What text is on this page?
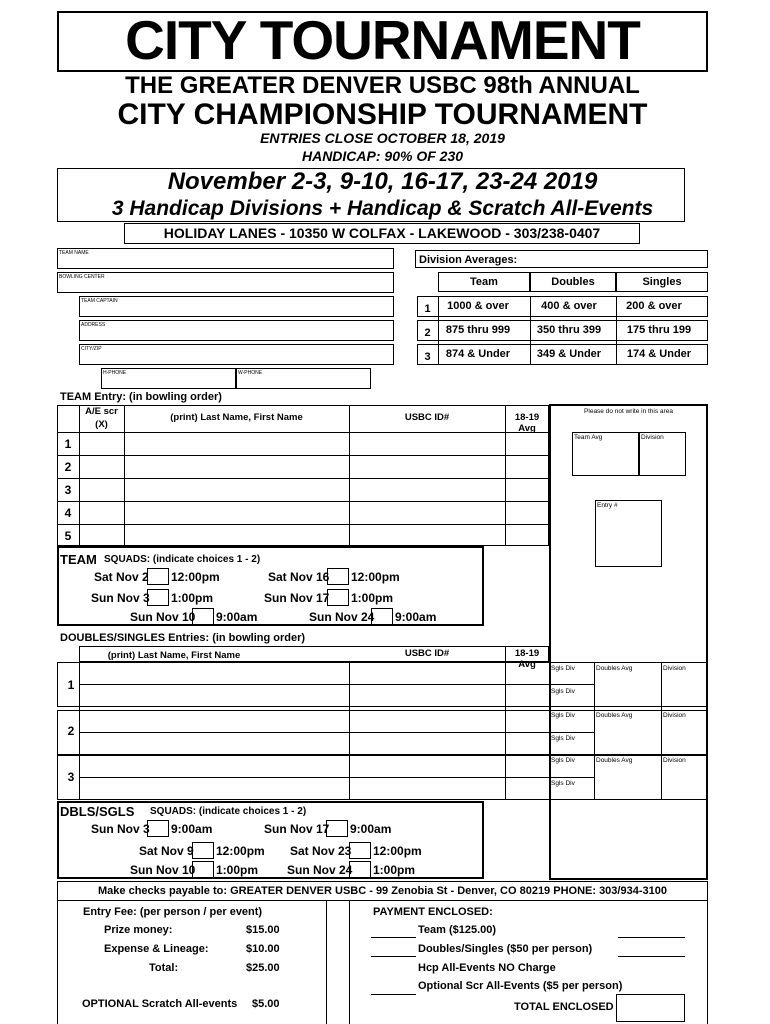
CITY TOURNAMENT
THE GREATER DENVER USBC 98th ANNUAL
CITY CHAMPIONSHIP TOURNAMENT
ENTRIES CLOSE OCTOBER 18, 2019
HANDICAP: 90% OF 230
November 2-3, 9-10, 16-17, 23-24 2019
3 Handicap Divisions + Handicap & Scratch All-Events
HOLIDAY LANES - 10350 W COLFAX - LAKEWOOD - 303/238-0407
TEAM NAME
BOWLING CENTER
TEAM CAPTAIN
ADDRESS
CITY/ZIP
H-PHONE	W-PHONE
Division Averages:
Team	Doubles	Singles
1	1000 & over	400 & over	200 & over
2	875 thru 999	350 thru 399	175 thru 199
3	874 & Under	349 & Under	174 & Under
TEAM Entry: (in bowling order)
A/E scr
(X)
(print) Last Name, First Name	USBC ID#	18-19 Avg
1
2
3
4
5
Please do not write in this area
Team Avg	Division
Entry #
TEAM SQUADS: (indicate choices 1 - 2)
Sat Nov 2 12:00pm	Sat Nov 16 12:00pm
Sun Nov 3 1:00pm	Sun Nov 17 1:00pm
Sun Nov 10 9:00am	Sun Nov 24 9:00am
DOUBLES/SINGLES Entries: (in bowling order)
(print) Last Name, First Name	USBC ID#	18-19 Avg
1
2
3
Sgls Div
Sgls Div
Doubles Avg	Division
Sgls Div
Sgls Div
Doubles Avg	Division
Sgls Div
Sgls Div
Doubles Avg	Division
DBLS/SGLS SQUADS: (indicate choices 1 - 2)
Sun Nov 3 9:00am	Sun Nov 17 9:00am
Sat Nov 9 12:00pm Sat Nov 23 12:00pm
Sun Nov 10 1:00pm Sun Nov 24 1:00pm
Make checks payable to: GREATER DENVER USBC - 99 Zenobia St - Denver, CO 80219 PHONE: 303/934-3100
Entry Fee: (per person / per event)
Prize money:	$15.00
Expense & Lineage:	$10.00
Total:	$25.00
OPTIONAL Scratch All-events $5.00
PAYMENT ENCLOSED:
Team ($125.00)
Doubles/Singles ($50 per person)
Hcp All-Events NO Charge
Optional Scr All-Events ($5 per person)
TOTAL ENCLOSED
